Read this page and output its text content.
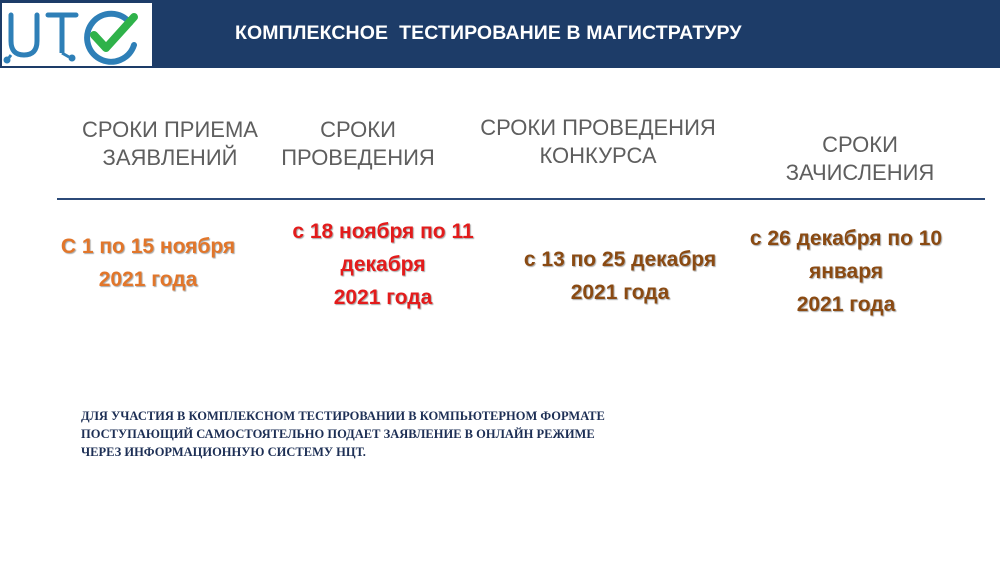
КОМПЛЕКСНОЕ  ТЕСТИРОВАНИЕ В МАГИСТРАТУРУ
СРОКИ ПРИЕМА
ЗАЯВЛЕНИЙ
СРОКИ
ПРОВЕДЕНИЯ
СРОКИ ПРОВЕДЕНИЯ
КОНКУРСА	СРОКИ
ЗАЧИСЛЕНИЯ
С 1 по 15 ноября
2021 года
с 18 ноября по 11
декабря
2021 года
с 13 по 25 декабря
2021 года
с 26 декабря по 10
января
2021 года
ДЛЯ УЧАСТИЯ В КОМПЛЕКСНОМ ТЕСТИРОВАНИИ В КОМПЬЮТЕРНОМ ФОРМАТЕ
ПОСТУПАЮЩИЙ САМОСТОЯТЕЛЬНО ПОДАЕТ ЗАЯВЛЕНИЕ В ОНЛАЙН РЕЖИМЕ
ЧЕРЕЗ ИНФОРМАЦИОННУЮ СИСТЕМУ НЦТ.
